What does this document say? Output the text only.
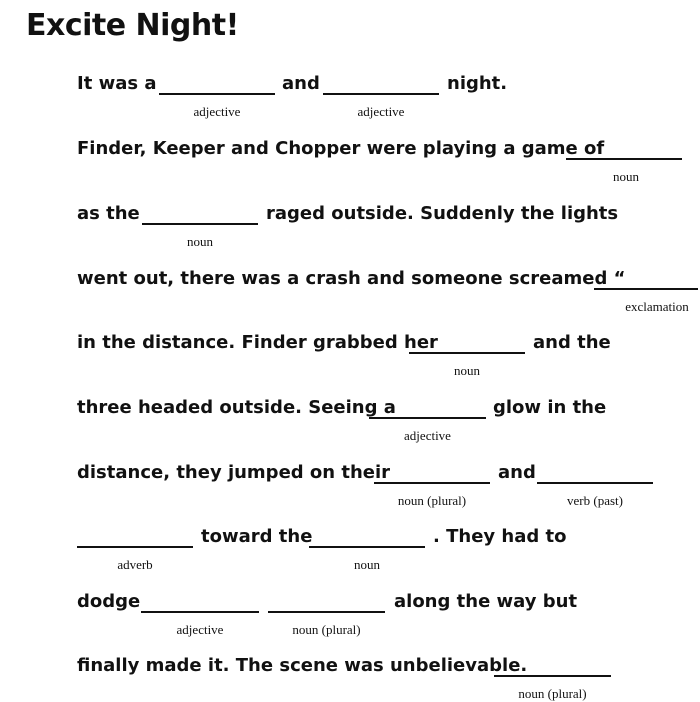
Excite Night!
It was a
adjective
and
adjective
night.
Finder, Keeper and Chopper were playing a game of
noun
as the
noun
raged outside. Suddenly the lights
went out, there was a crash and someone screamed “
exclamation
in the distance. Finder grabbed her
noun
and the
three headed outside. Seeing a
adjective
glow in the
distance, they jumped on their
noun (plural)
and
verb (past)
adverb
toward the
noun
. They had to
dodge
adjective	noun (plural)
along the way but
finally made it. The scene was unbelievable.
noun (plural)
